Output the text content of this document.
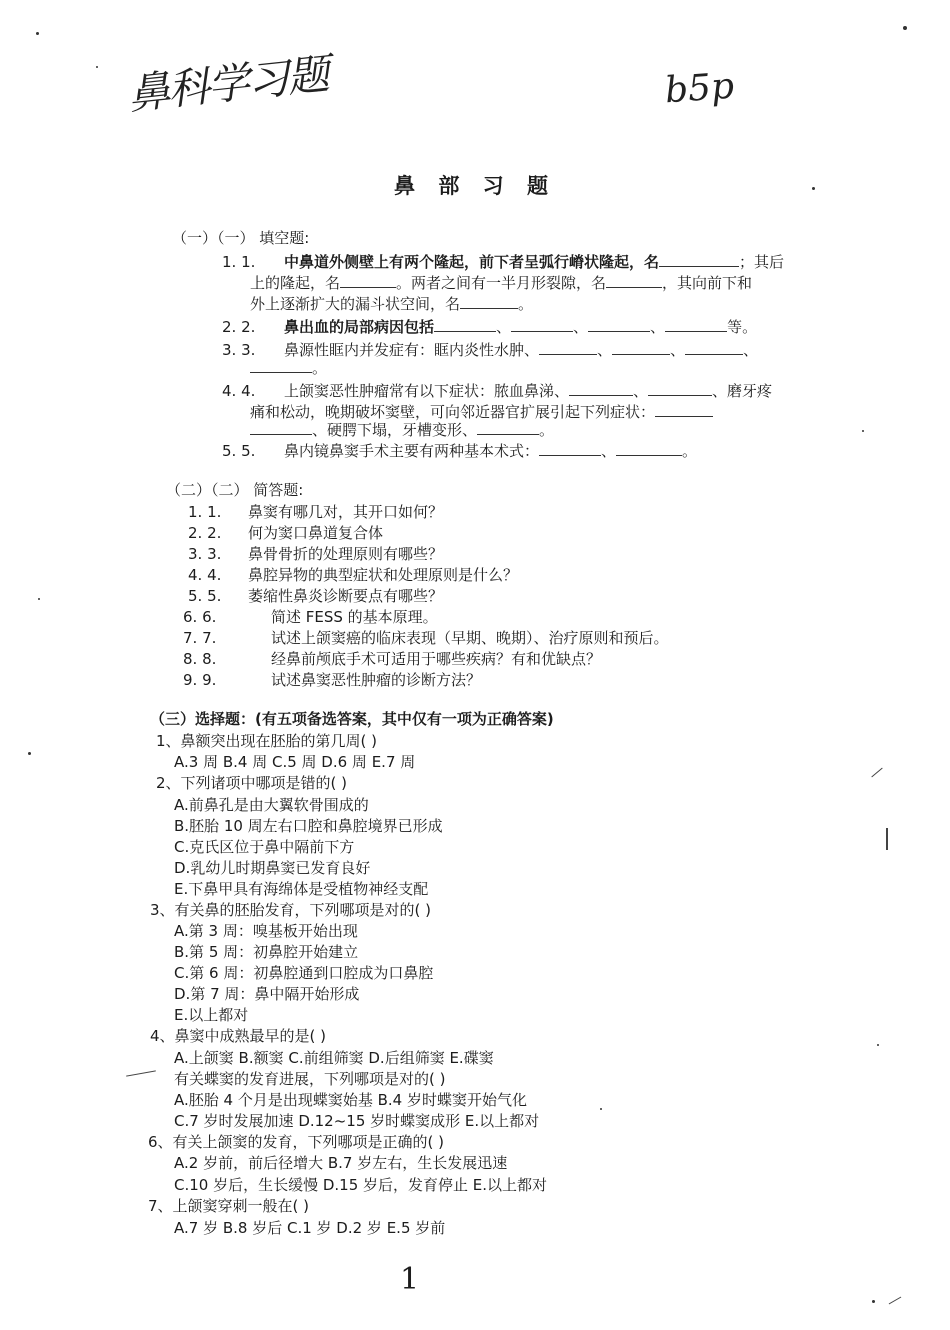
鼻科学习题	b5p
鼻 部 习 题
（一）（一） 填空题:
1. 1. 中鼻道外侧壁上有两个隆起，前下者呈弧行嵴状隆起，名	；其后
上的隆起，名	。两者之间有一半月形裂隙，名	，其向前下和
外上逐渐扩大的漏斗状空间，名	。
2. 2. 鼻出血的局部病因包括	、	、	、	等。
3. 3. 鼻源性眶内并发症有：眶内炎性水肿、	、	、	、
。
4. 4. 上颌窦恶性肿瘤常有以下症状：脓血鼻涕、	、	、磨牙疼
痛和松动，晚期破坏窦壁，可向邻近器官扩展引起下列症状：
、硬腭下塌，牙槽变形、	。
5. 5. 鼻内镜鼻窦手术主要有两种基本术式：	、	。
（二）（二） 简答题:
1. 1. 鼻窦有哪几对，其开口如何？
2. 2. 何为窦口鼻道复合体
3. 3. 鼻骨骨折的处理原则有哪些？
4. 4. 鼻腔异物的典型症状和处理原则是什么？
5. 5. 萎缩性鼻炎诊断要点有哪些？
6. 6.	简述 FESS 的基本原理。
7. 7.	试述上颌窦癌的临床表现（早期、晚期）、治疗原则和预后。
8. 8.	经鼻前颅底手术可适用于哪些疾病？有和优缺点？
9. 9.	试述鼻窦恶性肿瘤的诊断方法？
（三）选择题：(有五项备选答案，其中仅有一项为正确答案)
1、鼻额突出现在胚胎的第几周( )
A.3 周 B.4 周 C.5 周 D.6 周 E.7 周
2、下列诸项中哪项是错的( )
A.前鼻孔是由大翼软骨围成的
B.胚胎 10 周左右口腔和鼻腔境界已形成
C.克氏区位于鼻中隔前下方
D.乳幼儿时期鼻窦已发育良好
E.下鼻甲具有海绵体是受植物神经支配
3、有关鼻的胚胎发育，下列哪项是对的( )
A.第 3 周：嗅基板开始出现
B.第 5 周：初鼻腔开始建立
C.第 6 周：初鼻腔通到口腔成为口鼻腔
D.第 7 周：鼻中隔开始形成
E.以上都对
4、鼻窦中成熟最早的是( )
A.上颌窦 B.额窦 C.前组筛窦 D.后组筛窦 E.碟窦
有关蝶窦的发育进展，下列哪项是对的( )
A.胚胎 4 个月是出现蝶窦始基 B.4 岁时蝶窦开始气化
C.7 岁时发展加速 D.12~15 岁时蝶窦成形 E.以上都对
6、有关上颌窦的发育，下列哪项是正确的( )
A.2 岁前，前后径增大 B.7 岁左右，生长发展迅速
C.10 岁后，生长缓慢 D.15 岁后，发育停止 E.以上都对
7、上颌窦穿刺一般在( )
A.7 岁 B.8 岁后 C.1 岁 D.2 岁 E.5 岁前
1
